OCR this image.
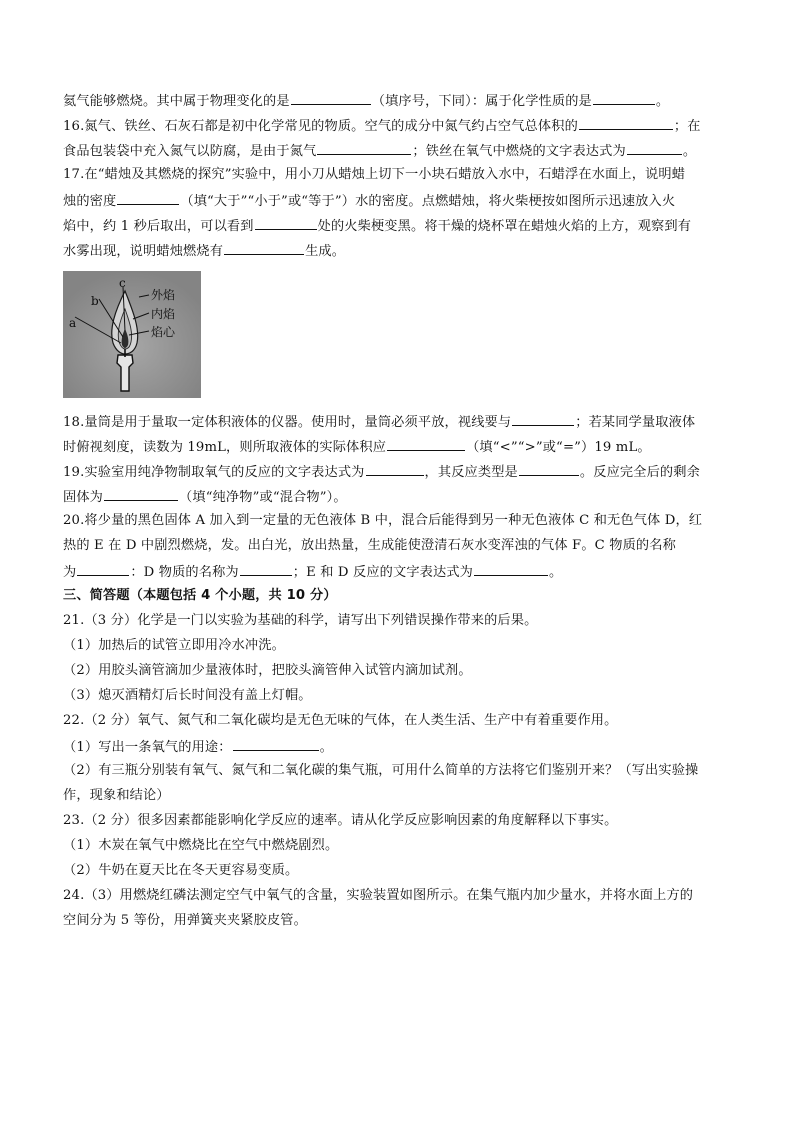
氦气能够燃烧。其中属于物理变化的是	（填序号，下同）：属于化学性质的是	。
16.氮气、铁丝、石灰石都是初中化学常见的物质。空气的成分中氮气约占空气总体积的	；在
食品包装袋中充入氮气以防腐，是由于氮气	；铁丝在氧气中燃烧的文字表达式为	。
17.在“蜡烛及其燃烧的探究”实验中，用小刀从蜡烛上切下一小块石蜡放入水中，石蜡浮在水面上，说明蜡
烛的密度	（填“大于”“小于”或“等于”）水的密度。点燃蜡烛，将火柴梗按如图所示迅速放入火
焰中，约 1 秒后取出，可以看到	处的火柴梗变黑。将干燥的烧杯罩在蜡烛火焰的上方，观察到有
水雾出现，说明蜡烛燃烧有	生成。
a
b
c
外焰
内焰
焰心
18.量筒是用于量取一定体积液体的仪器。使用时，量筒必须平放，视线要与	；若某同学量取液体
时俯视刻度，读数为 19mL，则所取液体的实际体积应	（填“<”“>”或“=”）19 mL。
19.实验室用纯净物制取氧气的反应的文字表达式为	，其反应类型是	。反应完全后的剩余
固体为	（填“纯净物”或“混合物”）。
20.将少量的黑色固体 A 加入到一定量的无色液体 B 中，混合后能得到另一种无色液体 C 和无色气体 D，红
热的 E 在 D 中剧烈燃烧，发。出白光，放出热量，生成能使澄清石灰水变浑浊的气体 F。C 物质的名称
为	：D 物质的名称为	；E 和 D 反应的文字表达式为	。
三、简答题（本题包括 4 个小题，共 10 分）
21.（3 分）化学是一门以实验为基础的科学，请写出下列错误操作带来的后果。
（1）加热后的试管立即用冷水冲洗。
（2）用胶头滴管滴加少量液体时，把胶头滴管伸入试管内滴加试剂。
（3）熄灭酒精灯后长时间没有盖上灯帽。
22.（2 分）氧气、氮气和二氧化碳均是无色无味的气体，在人类生活、生产中有着重要作用。
（1）写出一条氧气的用途：	。
（2）有三瓶分别装有氧气、氮气和二氧化碳的集气瓶，可用什么简单的方法将它们鉴别开来？（写出实验操
作，现象和结论）
23.（2 分）很多因素都能影响化学反应的速率。请从化学反应影响因素的角度解释以下事实。
（1）木炭在氧气中燃烧比在空气中燃烧剧烈。
（2）牛奶在夏天比在冬天更容易变质。
24.（3）用燃烧红磷法测定空气中氧气的含量，实验装置如图所示。在集气瓶内加少量水，并将水面上方的
空间分为 5 等份，用弹簧夹夹紧胶皮管。
